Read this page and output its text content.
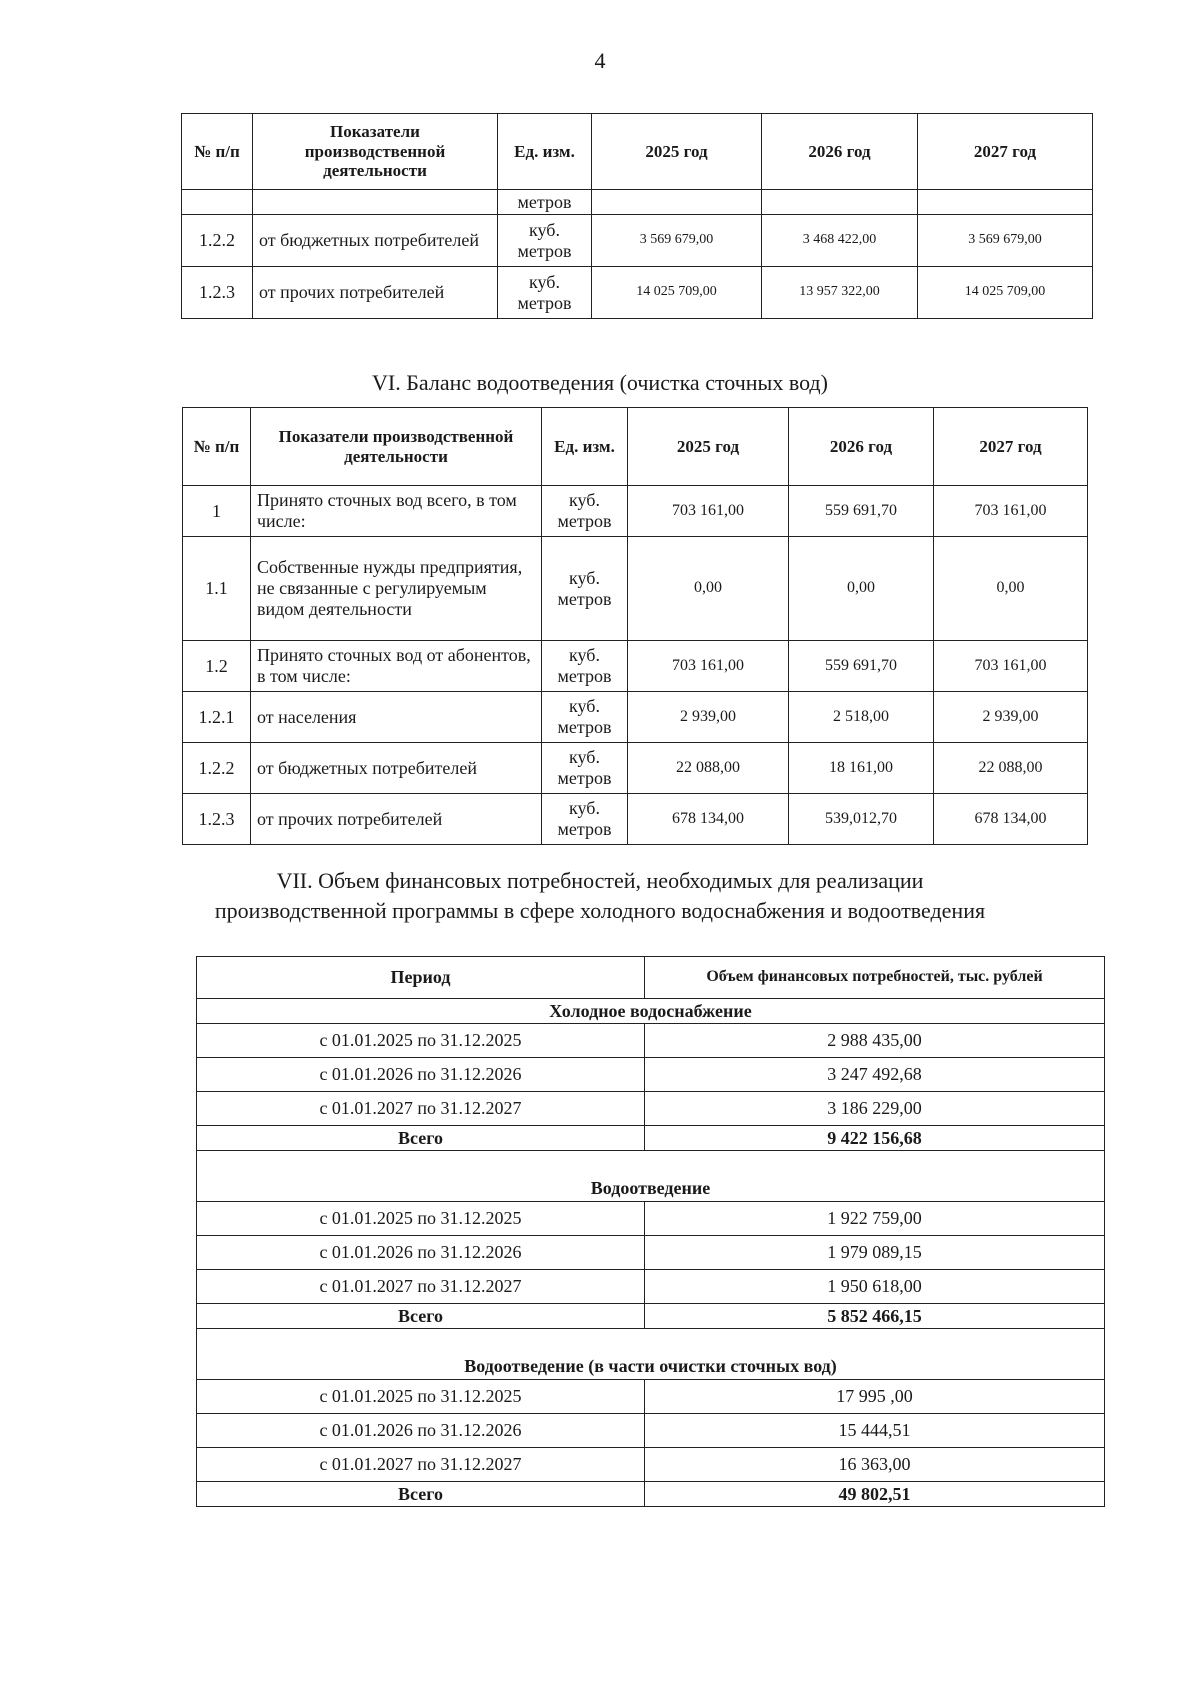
4
№ п/п	Показатели производственной деятельности	Ед. изм.	2025 год	2026 год	2027 год
		метров			
1.2.2	от бюджетных потребителей	куб. метров	3 569 679,00	3 468 422,00	3 569 679,00
1.2.3	от прочих потребителей	куб. метров	14 025 709,00	13 957 322,00	14 025 709,00
VI. Баланс водоотведения (очистка сточных вод)
№ п/п	Показатели производственной деятельности	Ед. изм.	2025 год	2026 год	2027 год
1	Принято сточных вод всего, в том числе:	куб. метров	703 161,00	559 691,70	703 161,00
1.1	Собственные нужды предприятия, не связанные с регулируемым видом деятельности	куб. метров	0,00	0,00	0,00
1.2	Принято сточных вод от абонентов, в том числе:	куб. метров	703 161,00	559 691,70	703 161,00
1.2.1	от населения	куб. метров	2 939,00	2 518,00	2 939,00
1.2.2	от бюджетных потребителей	куб. метров	22 088,00	18 161,00	22 088,00
1.2.3	от прочих потребителей	куб. метров	678 134,00	539,012,70	678 134,00
VII. Объем финансовых потребностей, необходимых для реализации
производственной программы в сфере холодного водоснабжения и водоотведения
Период	Объем финансовых потребностей, тыс. рублей
Холодное водоснабжение	
с 01.01.2025 по 31.12.2025	2 988 435,00
с 01.01.2026 по 31.12.2026	3 247 492,68
с 01.01.2027 по 31.12.2027	3 186 229,00
Всего	9 422 156,68
Водоотведение	
с 01.01.2025 по 31.12.2025	1 922 759,00
с 01.01.2026 по 31.12.2026	1 979 089,15
с 01.01.2027 по 31.12.2027	1 950 618,00
Всего	5 852 466,15
Водоотведение (в части очистки сточных вод)	
с 01.01.2025 по 31.12.2025	17 995 ,00
с 01.01.2026 по 31.12.2026	15 444,51
с 01.01.2027 по 31.12.2027	16 363,00
Всего	49 802,51
